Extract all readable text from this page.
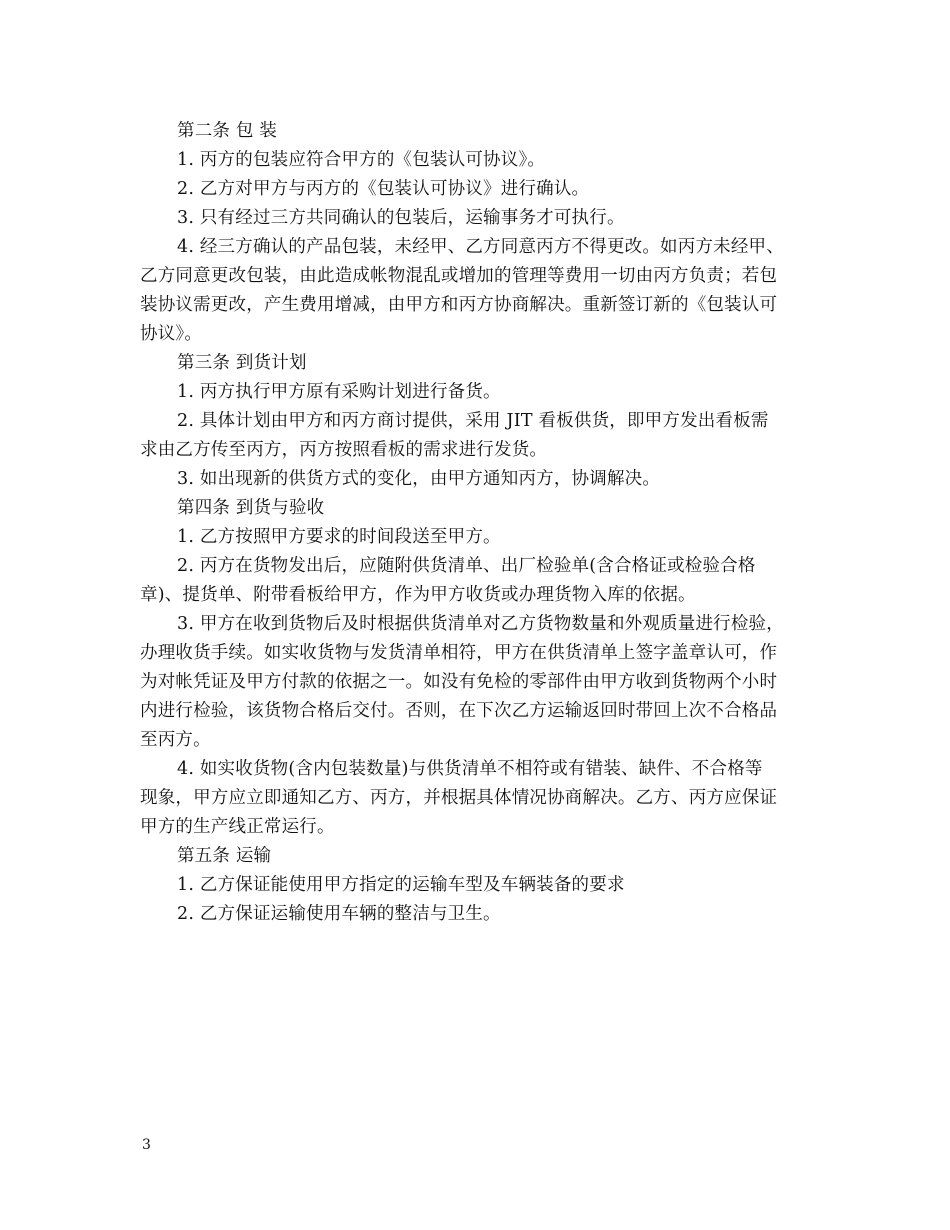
第二条 包 装
1. 丙方的包装应符合甲方的《包装认可协议》。
2. 乙方对甲方与丙方的《包装认可协议》进行确认。
3. 只有经过三方共同确认的包装后，运输事务才可执行。
4. 经三方确认的产品包装，未经甲、乙方同意丙方不得更改。如丙方未经甲、
乙方同意更改包装，由此造成帐物混乱或增加的管理等费用一切由丙方负责；若包
装协议需更改，产生费用增减，由甲方和丙方协商解决。重新签订新的《包装认可
协议》。
第三条 到货计划
1. 丙方执行甲方原有采购计划进行备货。
2. 具体计划由甲方和丙方商讨提供，采用 JIT 看板供货，即甲方发出看板需
求由乙方传至丙方，丙方按照看板的需求进行发货。
3. 如出现新的供货方式的变化，由甲方通知丙方，协调解决。
第四条 到货与验收
1. 乙方按照甲方要求的时间段送至甲方。
2. 丙方在货物发出后，应随附供货清单、出厂检验单(含合格证或检验合格
章)、提货单、附带看板给甲方，作为甲方收货或办理货物入库的依据。
3. 甲方在收到货物后及时根据供货清单对乙方货物数量和外观质量进行检验，
办理收货手续。如实收货物与发货清单相符，甲方在供货清单上签字盖章认可，作
为对帐凭证及甲方付款的依据之一。如没有免检的零部件由甲方收到货物两个小时
内进行检验，该货物合格后交付。否则，在下次乙方运输返回时带回上次不合格品
至丙方。
4. 如实收货物(含内包装数量)与供货清单不相符或有错装、缺件、不合格等
现象，甲方应立即通知乙方、丙方，并根据具体情况协商解决。乙方、丙方应保证
甲方的生产线正常运行。
第五条 运输
1. 乙方保证能使用甲方指定的运输车型及车辆装备的要求
2. 乙方保证运输使用车辆的整洁与卫生。
3
